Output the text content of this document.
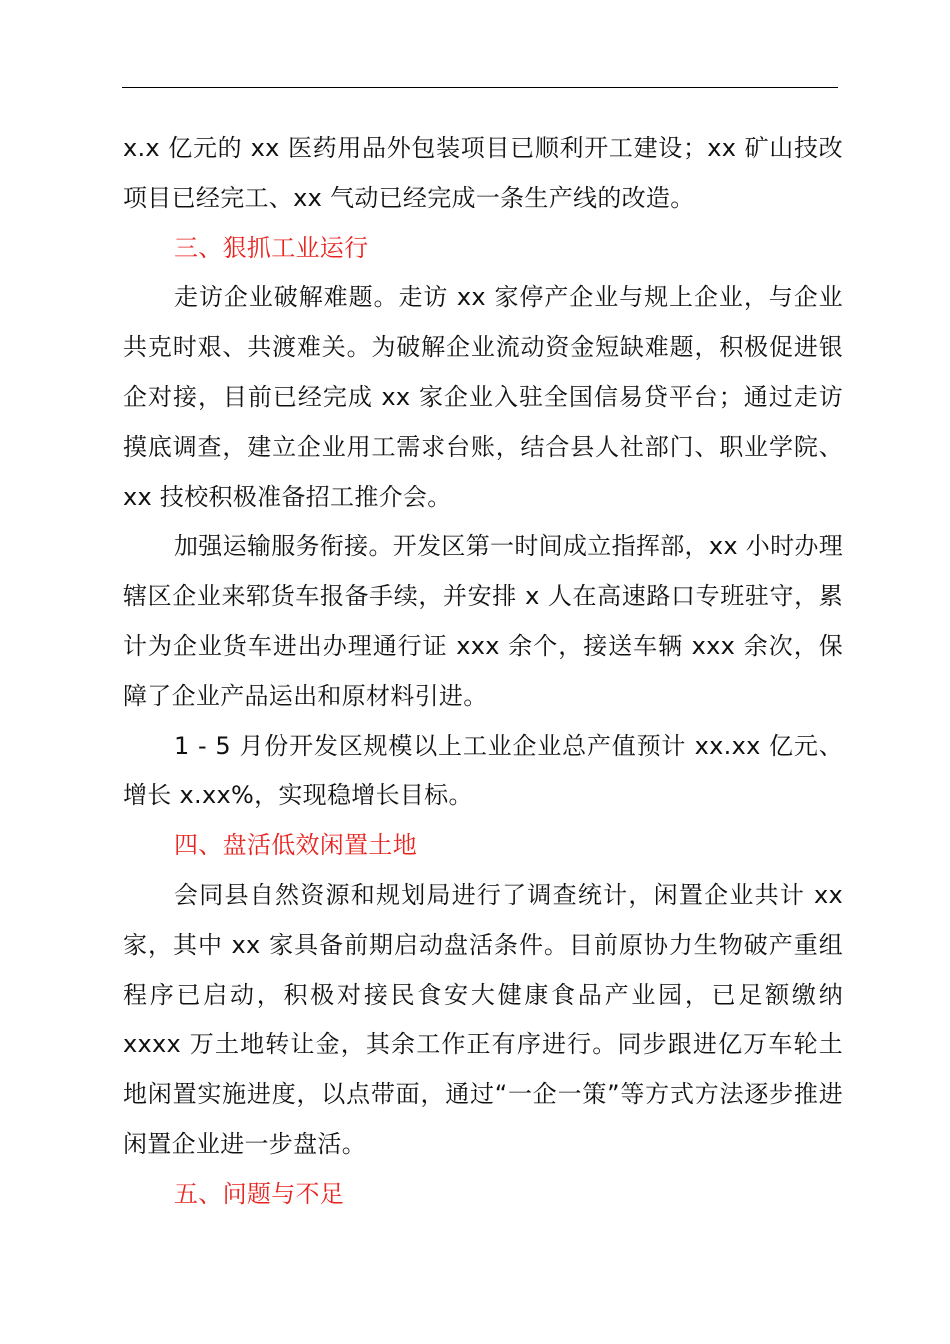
x.x 亿元的 xx 医药用品外包装项目已顺利开工建设；xx 矿山技改项目已经完工、xx 气动已经完成一条生产线的改造。

三、狠抓工业运行

走访企业破解难题。走访 xx 家停产企业与规上企业，与企业共克时艰、共渡难关。为破解企业流动资金短缺难题，积极促进银企对接，目前已经完成 xx 家企业入驻全国信易贷平台；通过走访摸底调查，建立企业用工需求台账，结合县人社部门、职业学院、xx 技校积极准备招工推介会。

加强运输服务衔接。开发区第一时间成立指挥部，xx 小时办理辖区企业来郓货车报备手续，并安排 x 人在高速路口专班驻守，累计为企业货车进出办理通行证 xxx 余个，接送车辆 xxx 余次，保障了企业产品运出和原材料引进。

1 - 5 月份开发区规模以上工业企业总产值预计 xx.xx 亿元、增长 x.xx%，实现稳增长目标。

四、盘活低效闲置土地

会同县自然资源和规划局进行了调查统计，闲置企业共计 xx 家，其中 xx 家具备前期启动盘活条件。目前原协力生物破产重组程序已启动，积极对接民食安大健康食品产业园，已足额缴纳 xxxx 万土地转让金，其余工作正有序进行。同步跟进亿万车轮土地闲置实施进度，以点带面，通过“一企一策”等方式方法逐步推进闲置企业进一步盘活。

五、问题与不足
